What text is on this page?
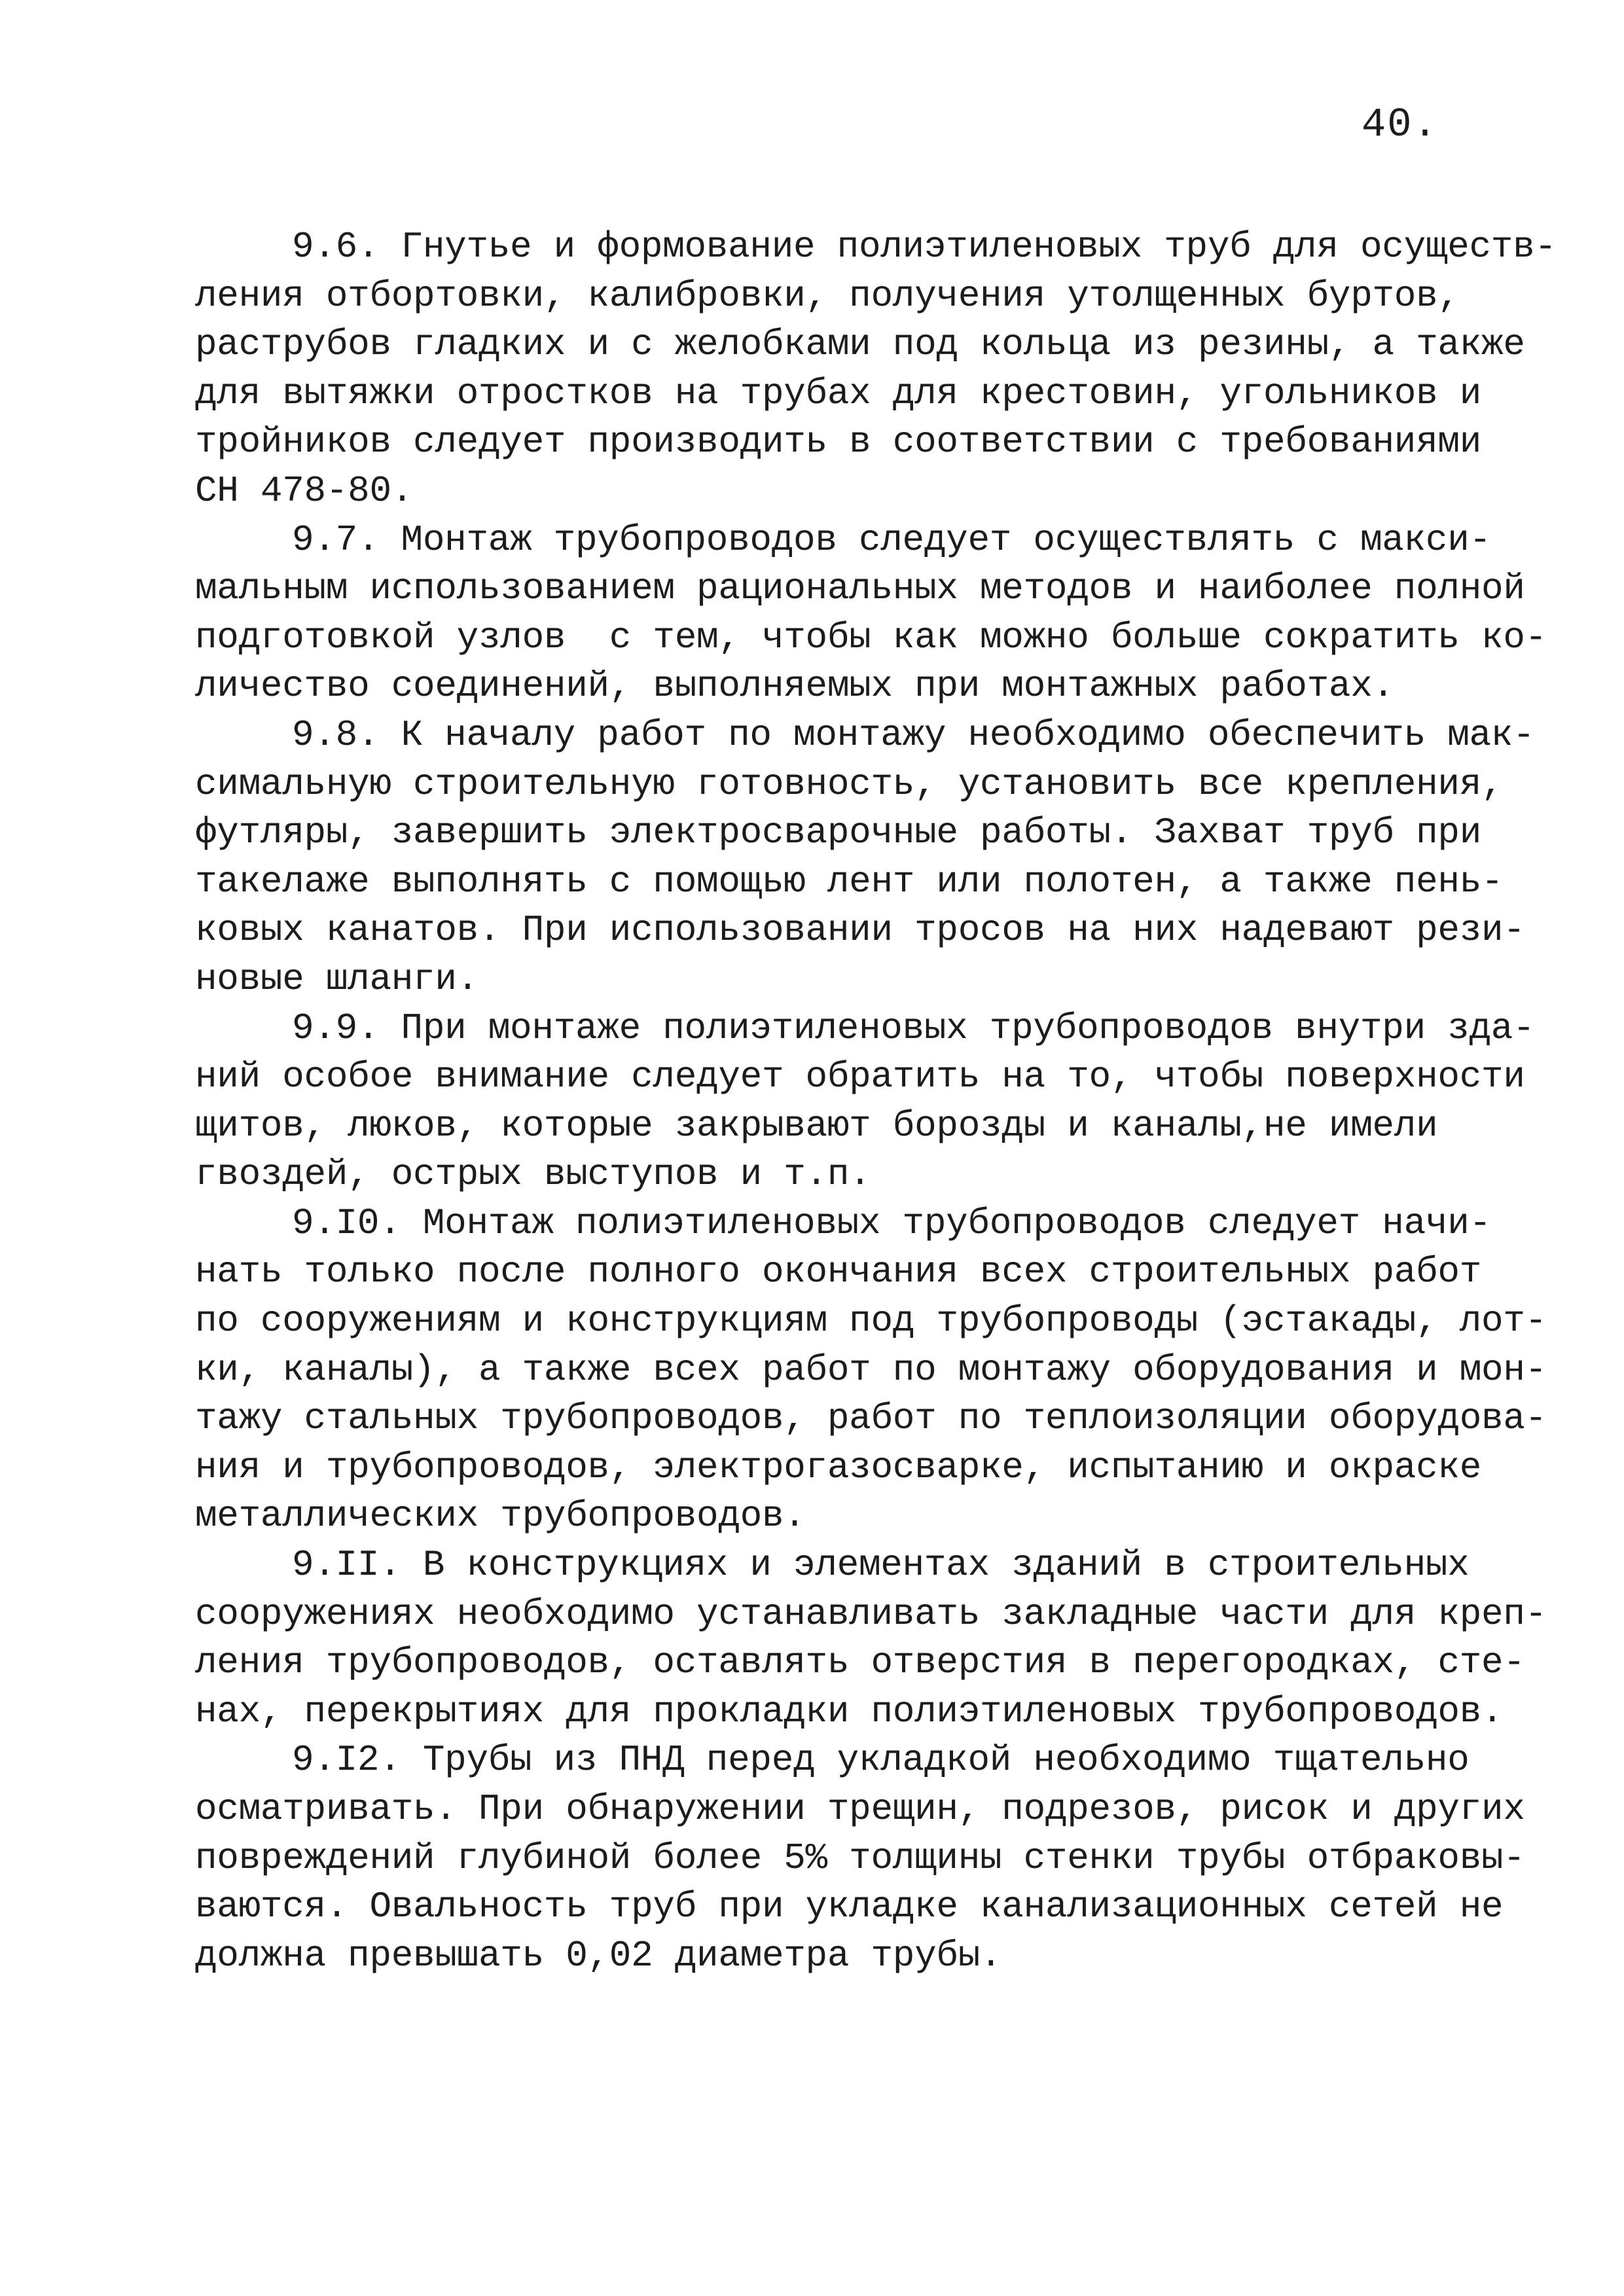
40.
9.6. Гнутье и формование полиэтиленовых труб для осуществ-
ления отбортовки, калибровки, получения утолщенных буртов,
раструбов гладких и с желобками под кольца из резины, а также
для вытяжки отростков на трубах для крестовин, угольников и
тройников следует производить в соответствии с требованиями
СН 478-80.
9.7. Монтаж трубопроводов следует осуществлять с макси-
мальным использованием рациональных методов и наиболее полной
подготовкой узлов  с тем, чтобы как можно больше сократить ко-
личество соединений, выполняемых при монтажных работах.
9.8. К началу работ по монтажу необходимо обеспечить мак-
симальную строительную готовность, установить все крепления,
футляры, завершить электросварочные работы. Захват труб при
такелаже выполнять с помощью лент или полотен, а также пень-
ковых канатов. При использовании тросов на них надевают рези-
новые шланги.
9.9. При монтаже полиэтиленовых трубопроводов внутри зда-
ний особое внимание следует обратить на то, чтобы поверхности
щитов, люков, которые закрывают борозды и каналы,не имели
гвоздей, острых выступов и т.п.
9.I0. Монтаж полиэтиленовых трубопроводов следует начи-
нать только после полного окончания всех строительных работ
по сооружениям и конструкциям под трубопроводы (эстакады, лот-
ки, каналы), а также всех работ по монтажу оборудования и мон-
тажу стальных трубопроводов, работ по теплоизоляции оборудова-
ния и трубопроводов, электрогазосварке, испытанию и окраске
металлических трубопроводов.
9.II. В конструкциях и элементах зданий в строительных
сооружениях необходимо устанавливать закладные части для креп-
ления трубопроводов, оставлять отверстия в перегородках, сте-
нах, перекрытиях для прокладки полиэтиленовых трубопроводов.
9.I2. Трубы из ПНД перед укладкой необходимо тщательно
осматривать. При обнаружении трещин, подрезов, рисок и других
повреждений глубиной более 5% толщины стенки трубы отбраковы-
ваются. Овальность труб при укладке канализационных сетей не
должна превышать 0,02 диаметра трубы.
